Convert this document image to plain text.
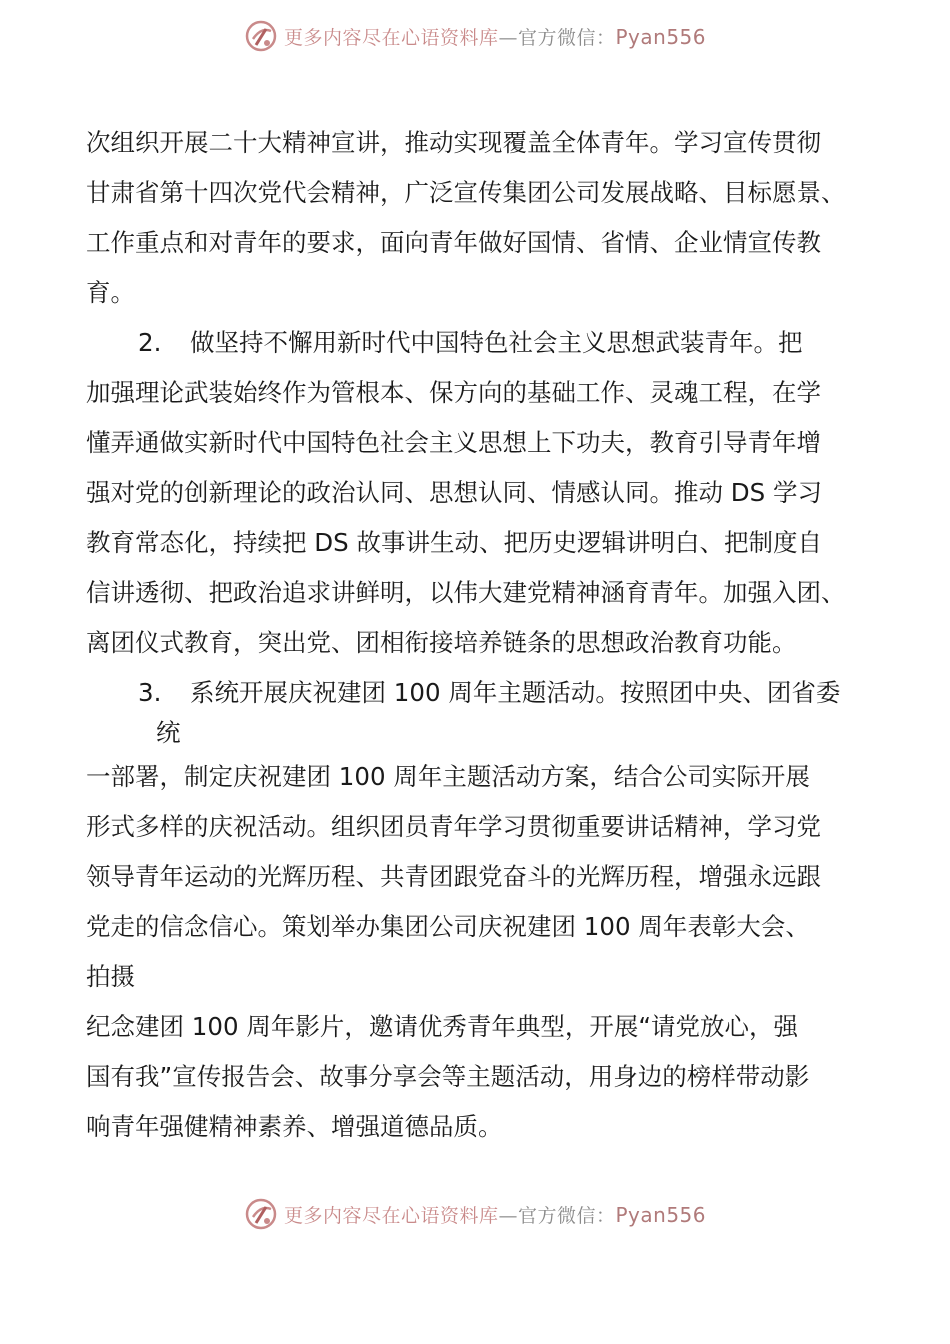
更多内容尽在心语资料库—官方微信：Pyan556
次组织开展二十大精神宣讲，推动实现覆盖全体青年。学习宣传贯彻
甘肃省第十四次党代会精神，广泛宣传集团公司发展战略、目标愿景、
工作重点和对青年的要求，面向青年做好国情、省情、企业情宣传教
育。
2. 做坚持不懈用新时代中国特色社会主义思想武装青年。把
加强理论武装始终作为管根本、保方向的基础工作、灵魂工程，在学
懂弄通做实新时代中国特色社会主义思想上下功夫，教育引导青年增
强对党的创新理论的政治认同、思想认同、情感认同。推动 DS 学习
教育常态化，持续把 DS 故事讲生动、把历史逻辑讲明白、把制度自
信讲透彻、把政治追求讲鲜明，以伟大建党精神涵育青年。加强入团、
离团仪式教育，突出党、团相衔接培养链条的思想政治教育功能。
3. 系统开展庆祝建团 100 周年主题活动。按照团中央、团省委
统
一部署，制定庆祝建团 100 周年主题活动方案，结合公司实际开展
形式多样的庆祝活动。组织团员青年学习贯彻重要讲话精神，学习党
领导青年运动的光辉历程、共青团跟党奋斗的光辉历程，增强永远跟
党走的信念信心。策划举办集团公司庆祝建团 100 周年表彰大会、
拍摄
纪念建团 100 周年影片，邀请优秀青年典型，开展“请党放心，强
国有我”宣传报告会、故事分享会等主题活动，用身边的榜样带动影
响青年强健精神素养、增强道德品质。
更多内容尽在心语资料库—官方微信：Pyan556
